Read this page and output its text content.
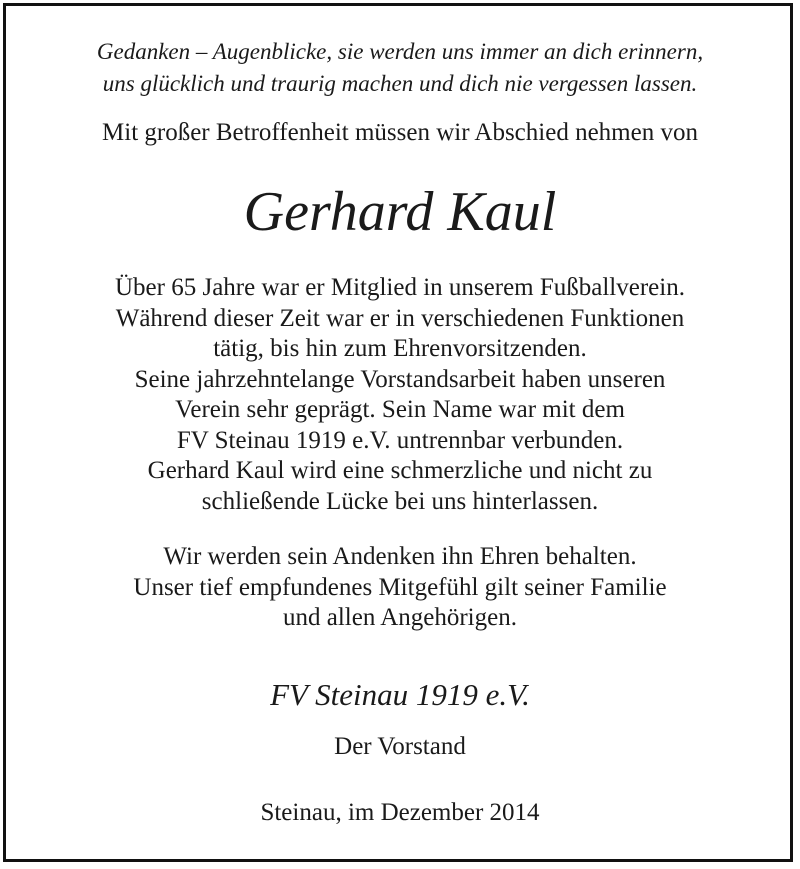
Gedanken – Augenblicke, sie werden uns immer an dich erinnern,
uns glücklich und traurig machen und dich nie vergessen lassen.
Mit großer Betroffenheit müssen wir Abschied nehmen von
Gerhard Kaul
Über 65 Jahre war er Mitglied in unserem Fußballverein.
Während dieser Zeit war er in verschiedenen Funktionen
tätig, bis hin zum Ehrenvorsitzenden.
Seine jahrzehntelange Vorstandsarbeit haben unseren
Verein sehr geprägt. Sein Name war mit dem
FV Steinau 1919 e.V. untrennbar verbunden.
Gerhard Kaul wird eine schmerzliche und nicht zu
schließende Lücke bei uns hinterlassen.
Wir werden sein Andenken ihn Ehren behalten.
Unser tief empfundenes Mitgefühl gilt seiner Familie
und allen Angehörigen.
FV Steinau 1919 e.V.
Der Vorstand
Steinau, im Dezember 2014
